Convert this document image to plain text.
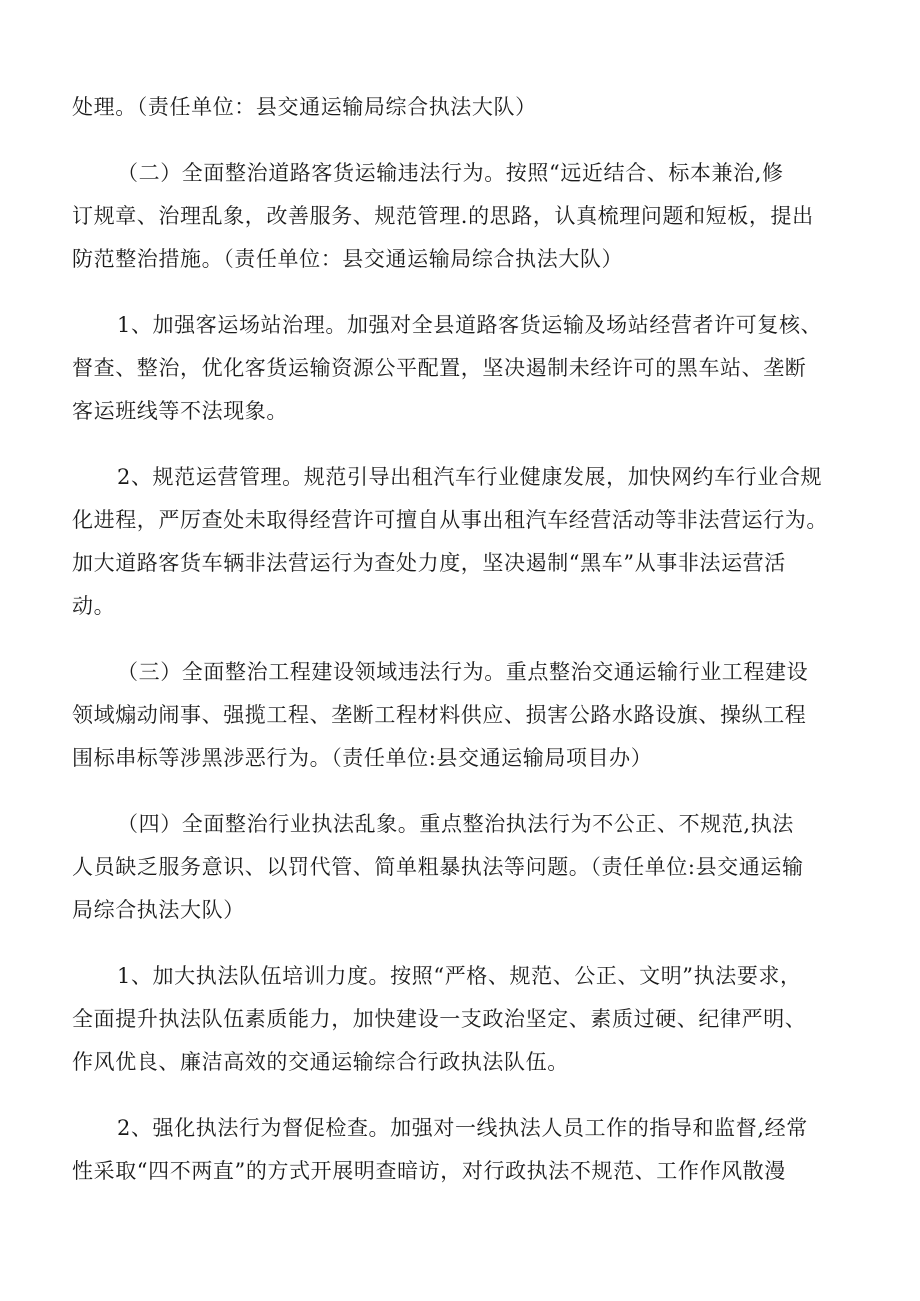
处理。（责任单位：县交通运输局综合执法大队）
（二）全面整治道路客货运输违法行为。按照“远近结合、标本兼治,修
订规章、治理乱象，改善服务、规范管理.的思路，认真梳理问题和短板，提出
防范整治措施。（责任单位：县交通运输局综合执法大队）
1、加强客运场站治理。加强对全县道路客货运输及场站经营者许可复核、
督查、整治，优化客货运输资源公平配置，坚决遏制未经许可的黑车站、垄断
客运班线等不法现象。
2、规范运营管理。规范引导出租汽车行业健康发展，加快网约车行业合规
化进程，严厉查处未取得经营许可擅自从事出租汽车经营活动等非法营运行为。
加大道路客货车辆非法营运行为查处力度，坚决遏制“黑车”从事非法运营活
动。
（三）全面整治工程建设领域违法行为。重点整治交通运输行业工程建设
领域煽动闹事、强揽工程、垄断工程材料供应、损害公路水路设旗、操纵工程
围标串标等涉黑涉恶行为。（责任单位:县交通运输局项目办）
（四）全面整治行业执法乱象。重点整治执法行为不公正、不规范,执法
人员缺乏服务意识、以罚代管、简单粗暴执法等问题。（责任单位:县交通运输
局综合执法大队）
1、加大执法队伍培训力度。按照“严格、规范、公正、文明”执法要求，
全面提升执法队伍素质能力，加快建设一支政治坚定、素质过硬、纪律严明、
作风优良、廉洁高效的交通运输综合行政执法队伍。
2、强化执法行为督促检查。加强对一线执法人员工作的指导和监督,经常
性采取“四不两直”的方式开展明查暗访，对行政执法不规范、工作作风散漫
